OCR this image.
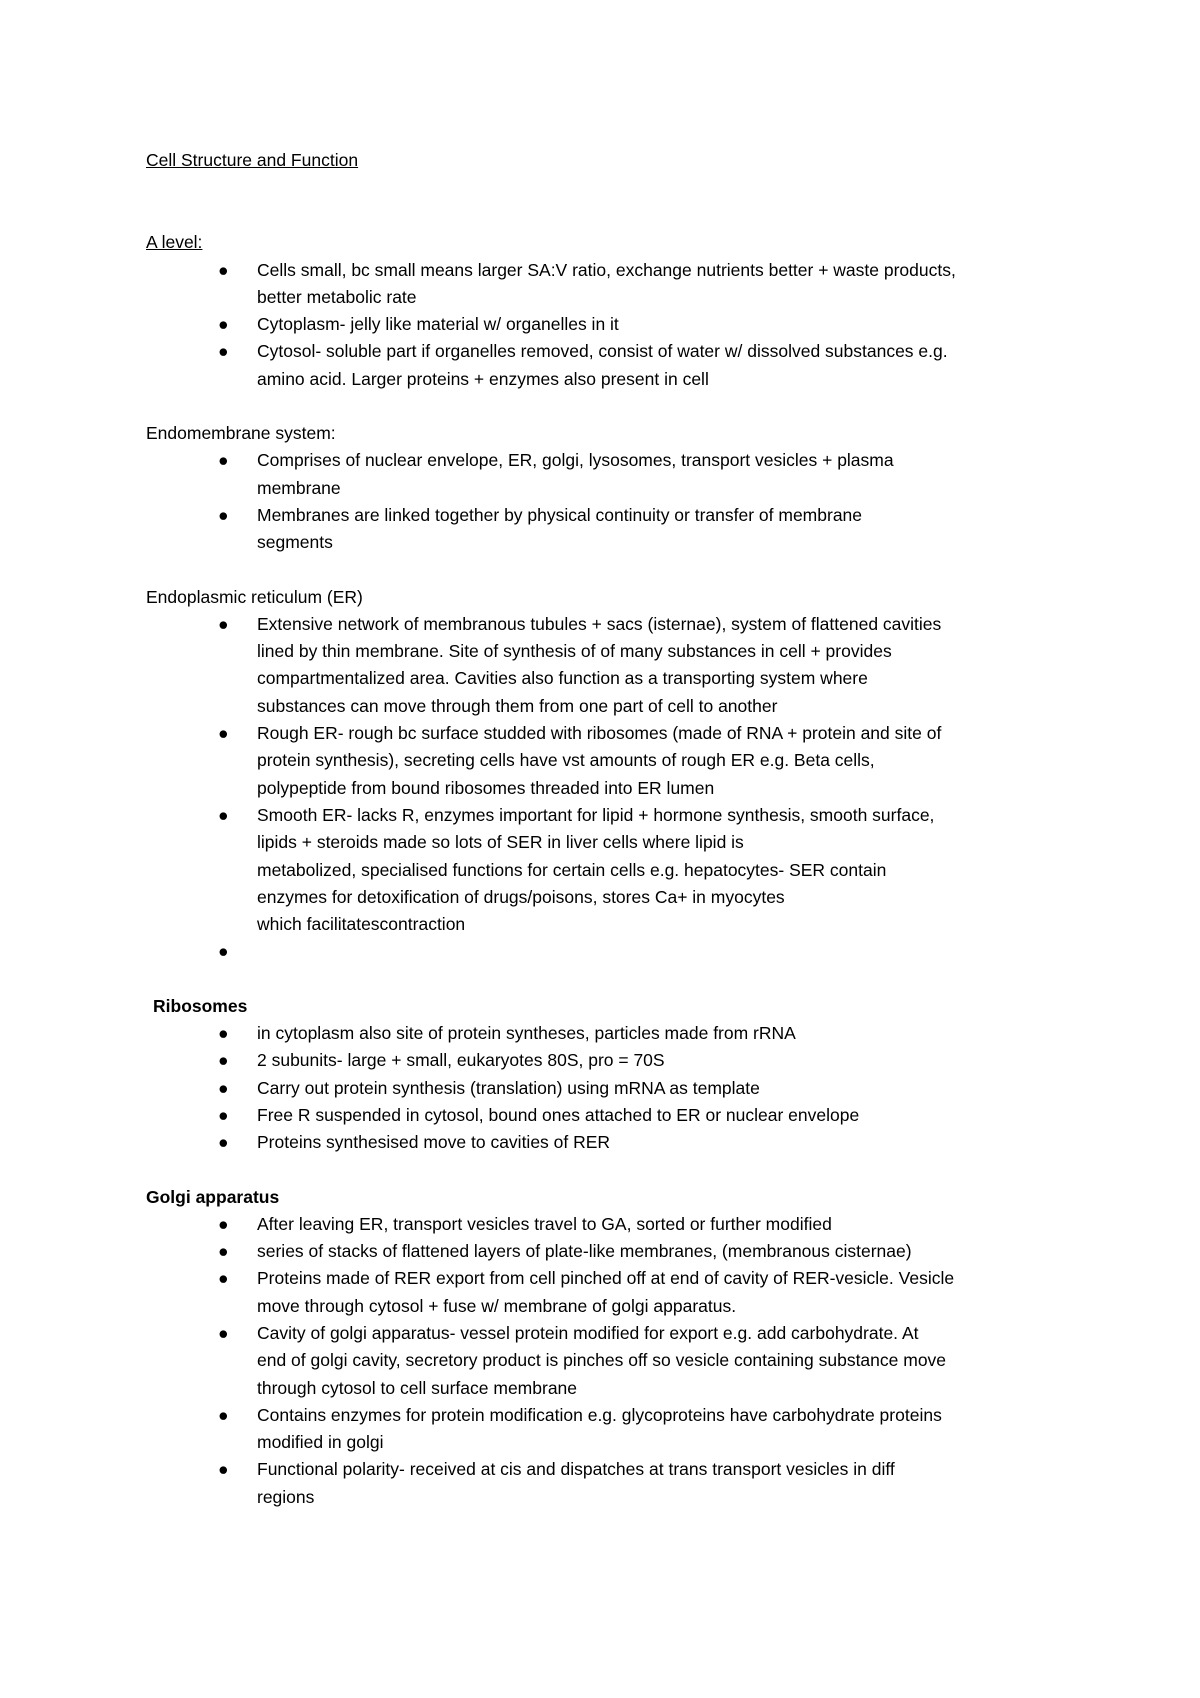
Cell Structure and Function

A level:

● Cells small, bc small means larger SA:V ratio, exchange nutrients better + waste products,
better metabolic rate
● Cytoplasm- jelly like material w/ organelles in it
● Cytosol- soluble part if organelles removed, consist of water w/ dissolved substances e.g.
amino acid. Larger proteins + enzymes also present in cell

Endomembrane system:

● Comprises of nuclear envelope, ER, golgi, lysosomes, transport vesicles + plasma
membrane
● Membranes are linked together by physical continuity or transfer of membrane
segments

Endoplasmic reticulum (ER)

● Extensive network of membranous tubules + sacs (isternae), system of flattened cavities
lined by thin membrane. Site of synthesis of of many substances in cell + provides
compartmentalized area. Cavities also function as a transporting system where
substances can move through them from one part of cell to another
● Rough ER- rough bc surface studded with ribosomes (made of RNA + protein and site of
protein synthesis), secreting cells have vst amounts of rough ER e.g. Beta cells,
polypeptide from bound ribosomes threaded into ER lumen
● Smooth ER- lacks R, enzymes important for lipid + hormone synthesis, smooth surface,
lipids + steroids made so lots of SER in liver cells where lipid is
metabolized, specialised functions for certain cells e.g. hepatocytes- SER contain
enzymes for detoxification of drugs/poisons, stores Ca+ in myocytes
which facilitatescontraction
●

Ribosomes

● in cytoplasm also site of protein syntheses, particles made from rRNA
● 2 subunits- large + small, eukaryotes 80S, pro = 70S
● Carry out protein synthesis (translation) using mRNA as template
● Free R suspended in cytosol, bound ones attached to ER or nuclear envelope
● Proteins synthesised move to cavities of RER

Golgi apparatus

● After leaving ER, transport vesicles travel to GA, sorted or further modified
● series of stacks of flattened layers of plate-like membranes, (membranous cisternae)
● Proteins made of RER export from cell pinched off at end of cavity of RER-vesicle. Vesicle
move through cytosol + fuse w/ membrane of golgi apparatus.
● Cavity of golgi apparatus- vessel protein modified for export e.g. add carbohydrate. At
end of golgi cavity, secretory product is pinches off so vesicle containing substance move
through cytosol to cell surface membrane
● Contains enzymes for protein modification e.g. glycoproteins have carbohydrate proteins
modified in golgi
● Functional polarity- received at cis and dispatches at trans transport vesicles in diff
regions
